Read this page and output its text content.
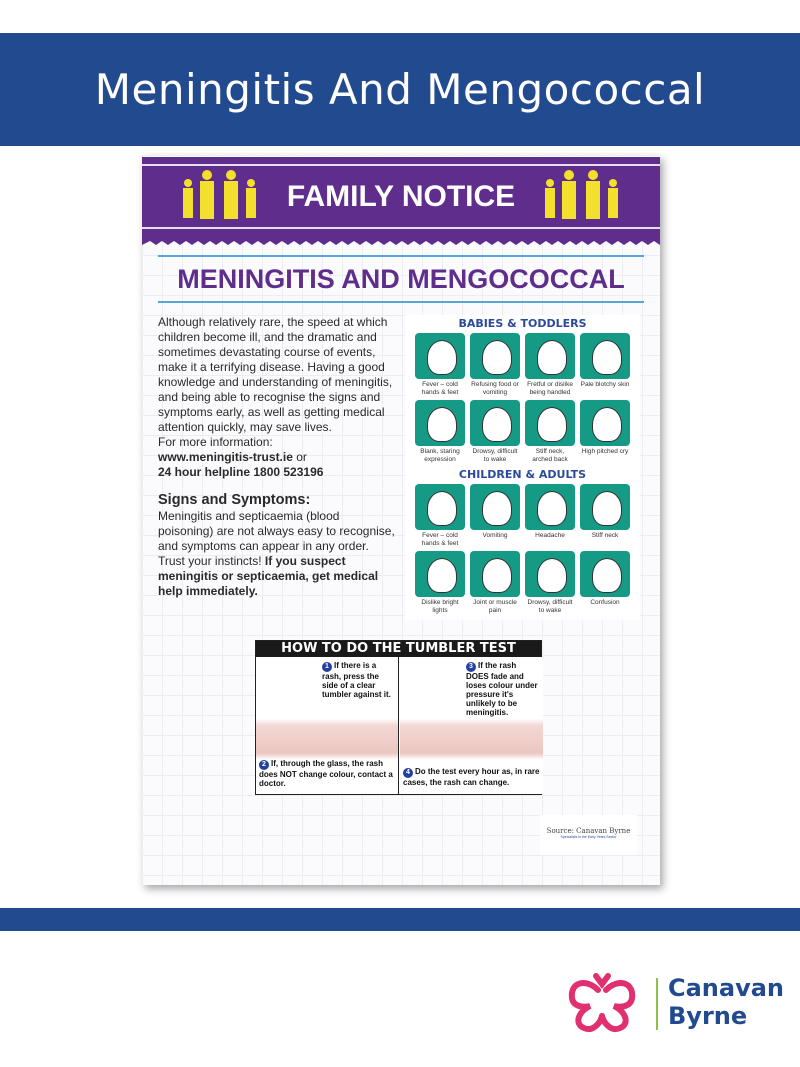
Meningitis And Mengococcal
FAMILY NOTICE
MENINGITIS AND MENGOCOCCAL

Although relatively rare, the speed at which children become ill, and the dramatic and sometimes devastating course of events, make it a terrifying disease. Having a good knowledge and understanding of meningitis, and being able to recognise the signs and symptoms early, as well as getting medical attention quickly, may save lives.

For more information:

www.meningitis-trust.ie or

24 hour helpline 1800 523196

Signs and Symptoms:

Meningitis and septicaemia (blood poisoning) are not always easy to recognise, and symptoms can appear in any order. Trust your instincts! If you suspect meningitis or septicaemia, get medical help immediately.

BABIES & TODDLERS
Fever – cold hands & feet
Refusing food or vomiting
Fretful or dislike being handled
Pale blotchy skin
Blank, staring expression
Drowsy, difficult to wake
Stiff neck, arched back
High pitched cry
CHILDREN & ADULTS
Fever – cold hands & feet
Vomiting	Headache	Stiff neck
Dislike bright lights
Joint or muscle pain
Drowsy, difficult to wake
Confusion
HOW TO DO THE TUMBLER TEST

1 If there is a rash, press the side of a clear tumbler against it.

2 If, through the glass, the rash does NOT change colour, contact a doctor.

3 If the rash DOES fade and loses colour under pressure it's unlikely to be meningitis.

4 Do the test every hour as, in rare cases, the rash can change.

Source: Canavan Byrne
Specialists in the Early Years Sector
Canavan
Byrne
